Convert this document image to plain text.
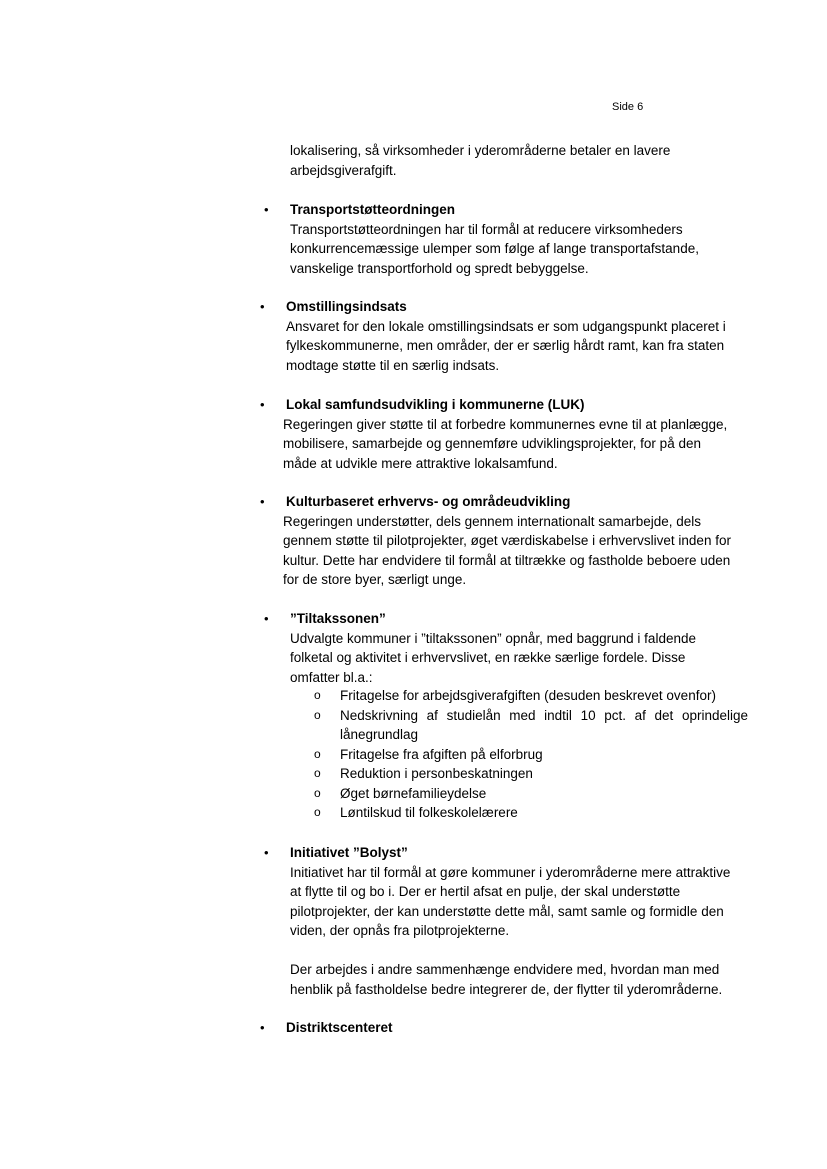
Side 6
lokalisering, så virksomheder i yderområderne betaler en lavere
arbejdsgiverafgift.
• Transportstøtteordningen
Transportstøtteordningen har til formål at reducere virksomheders
konkurrencemæssige ulemper som følge af lange transportafstande,
vanskelige transportforhold og spredt bebyggelse.
• Omstillingsindsats
Ansvaret for den lokale omstillingsindsats er som udgangspunkt placeret i
fylkeskommunerne, men områder, der er særlig hårdt ramt, kan fra staten
modtage støtte til en særlig indsats.
• Lokal samfundsudvikling i kommunerne (LUK)
Regeringen giver støtte til at forbedre kommunernes evne til at planlægge,
mobilisere, samarbejde og gennemføre udviklingsprojekter, for på den
måde at udvikle mere attraktive lokalsamfund.
• Kulturbaseret erhvervs- og områdeudvikling
Regeringen understøtter, dels gennem internationalt samarbejde, dels
gennem støtte til pilotprojekter, øget værdiskabelse i erhvervslivet inden for
kultur. Dette har endvidere til formål at tiltrække og fastholde beboere uden
for de store byer, særligt unge.
• ”Tiltakssonen”
Udvalgte kommuner i ”tiltakssonen” opnår, med baggrund i faldende
folketal og aktivitet i erhvervslivet, en række særlige fordele. Disse
omfatter bl.a.:
o Fritagelse for arbejdsgiverafgiften (desuden beskrevet ovenfor)
o Nedskrivning af studielån med indtil 10 pct. af det oprindelige
lånegrundlag
o Fritagelse fra afgiften på elforbrug
o Reduktion i personbeskatningen
o Øget børnefamilieydelse
o Løntilskud til folkeskolelærere
• Initiativet ”Bolyst”
Initiativet har til formål at gøre kommuner i yderområderne mere attraktive
at flytte til og bo i. Der er hertil afsat en pulje, der skal understøtte
pilotprojekter, der kan understøtte dette mål, samt samle og formidle den
viden, der opnås fra pilotprojekterne.
Der arbejdes i andre sammenhænge endvidere med, hvordan man med
henblik på fastholdelse bedre integrerer de, der flytter til yderområderne.
• Distriktscenteret
